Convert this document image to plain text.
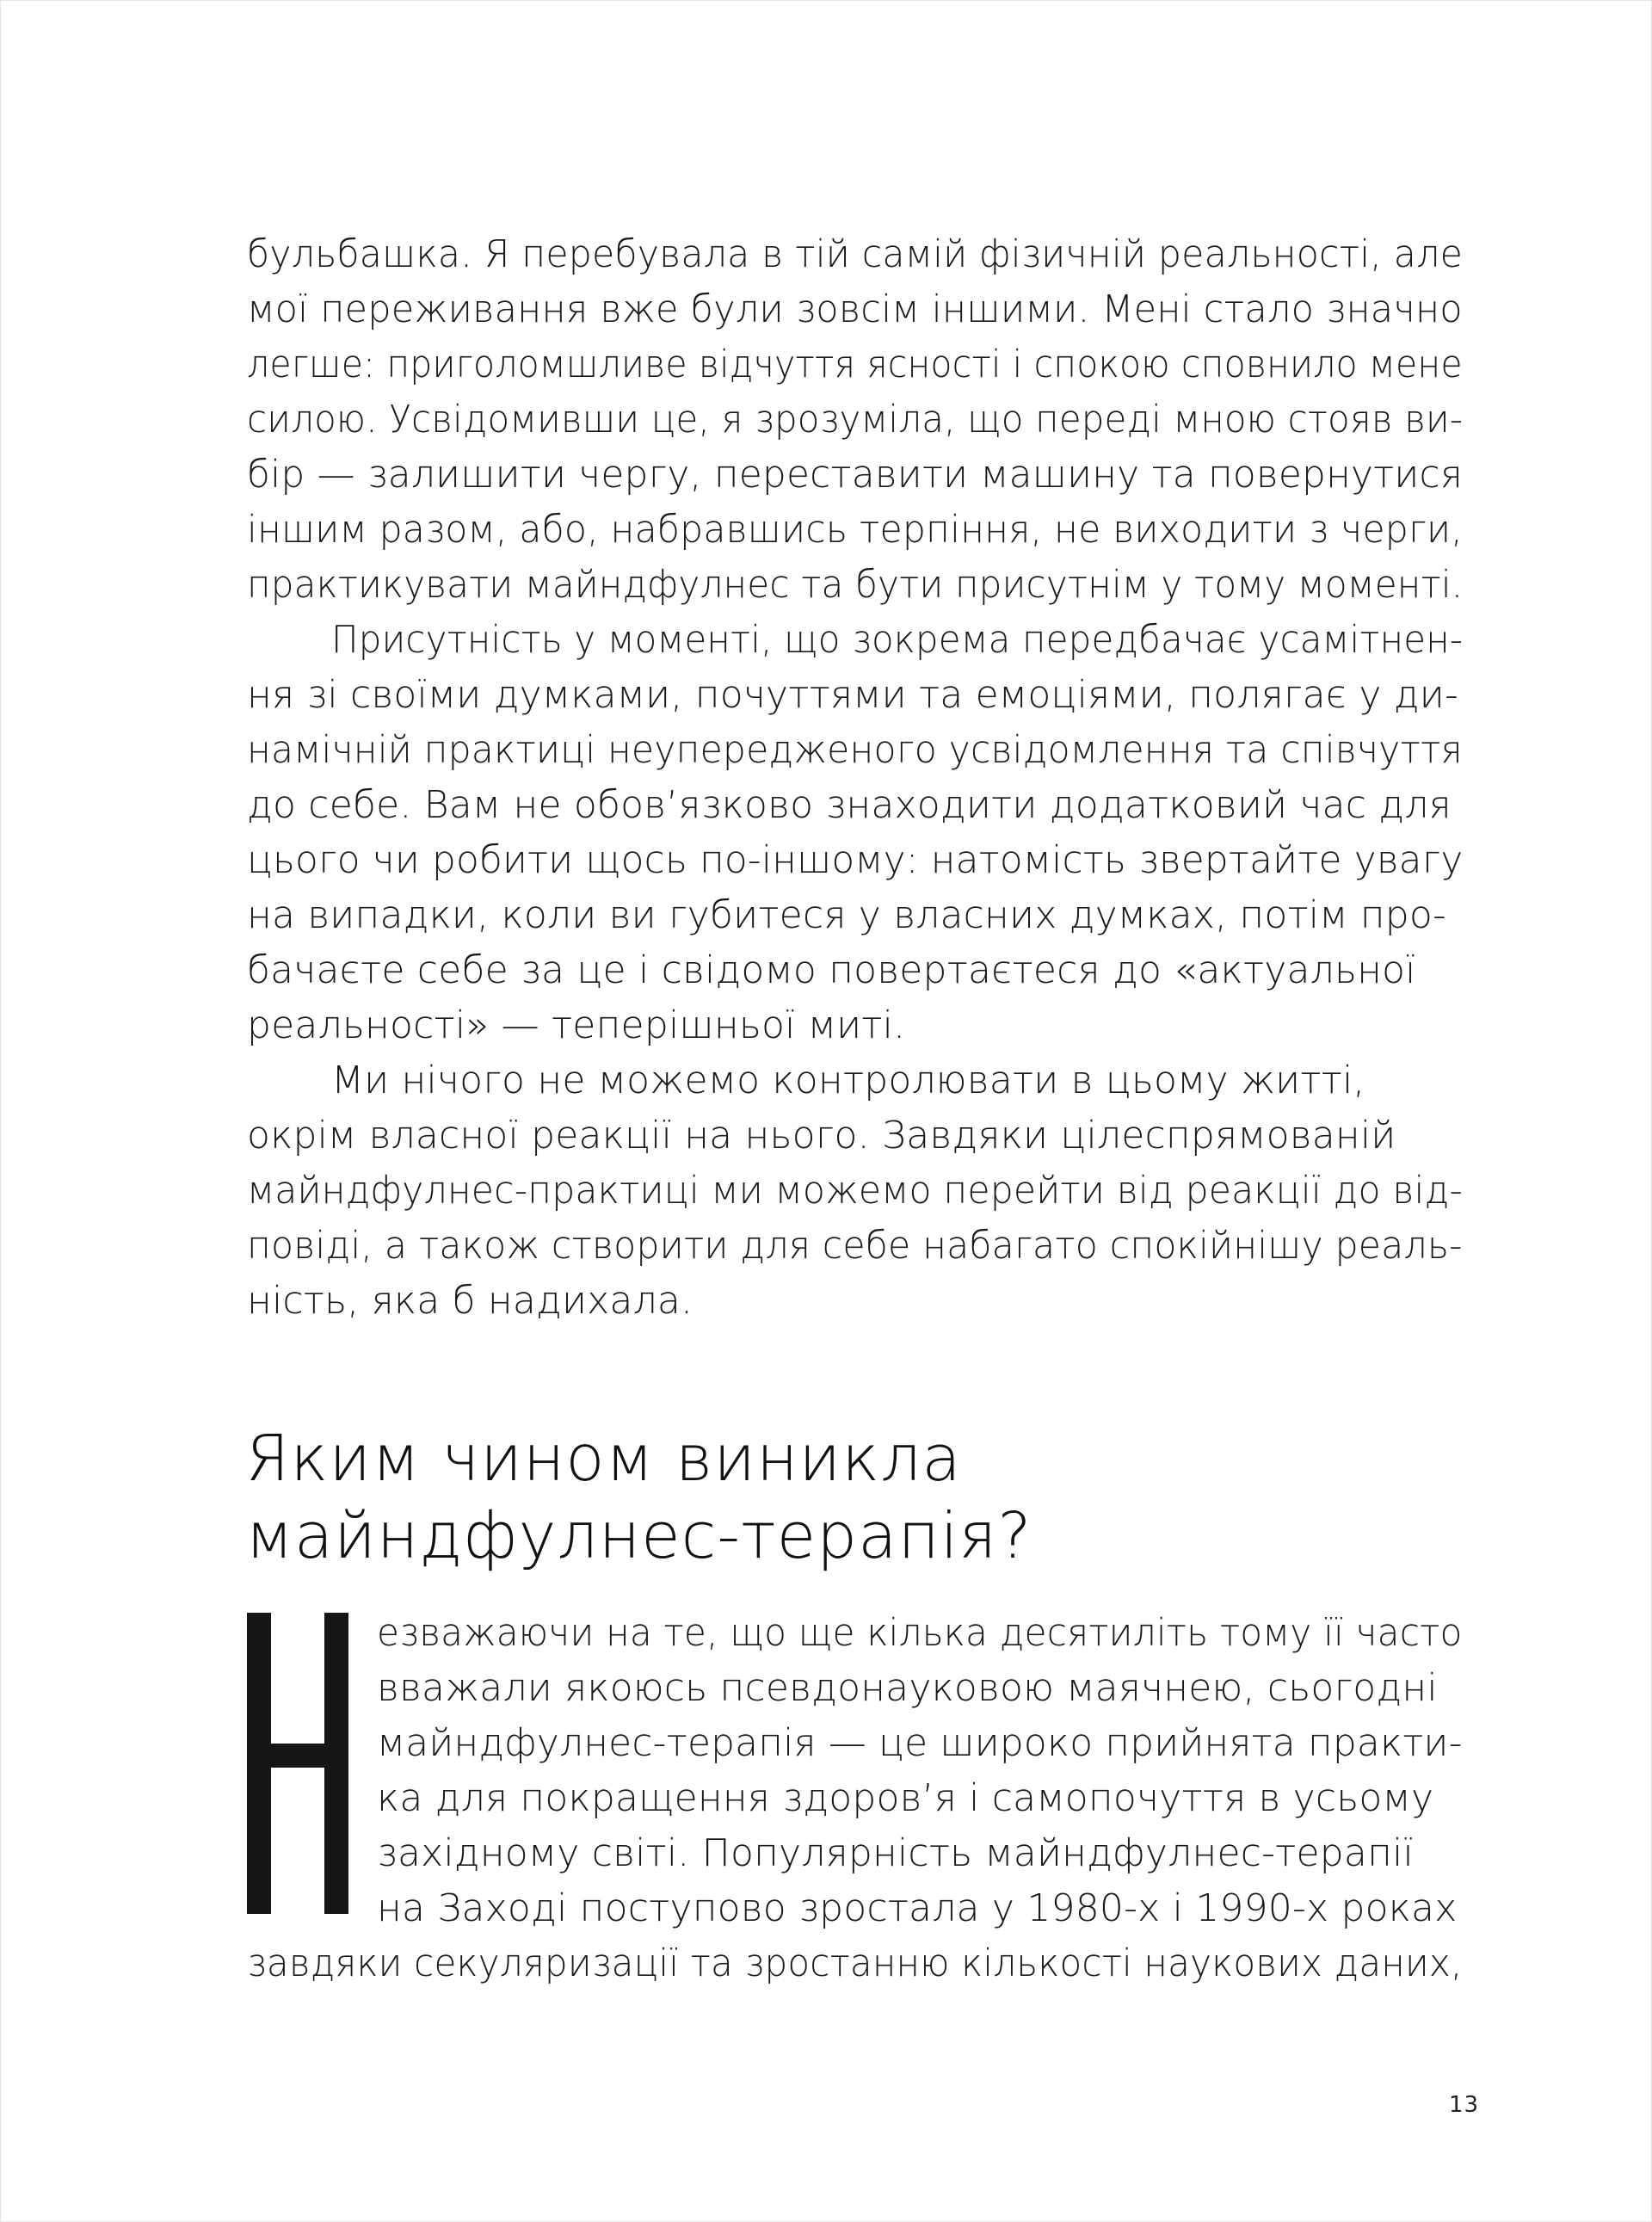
бульбашка. Я перебувала в тій самій фізичній реальності, але
мої переживання вже були зовсім іншими. Мені стало значно
легше: приголомшливе відчуття ясності і спокою сповнило мене
силою. Усвідомивши це, я зрозуміла, що переді мною стояв ви-
бір — залишити чергу, переставити машину та повернутися
іншим разом, або, набравшись терпіння, не виходити з черги,
практикувати майндфулнес та бути присутнім у тому моменті.
Присутність у моменті, що зокрема передбачає усамітнен-
ня зі своїми думками, почуттями та емоціями, полягає у ди-
намічній практиці неупередженого усвідомлення та співчуття
до себе. Вам не обов’язково знаходити додатковий час для
цього чи робити щось по-іншому: натомість звертайте увагу
на випадки, коли ви губитеся у власних думках, потім про-
бачаєте себе за це і свідомо повертаєтеся до «актуальної
реальності» — теперішньої миті.
Ми нічого не можемо контролювати в цьому житті,
окрім власної реакції на нього. Завдяки цілеспрямованій
майндфулнес-практиці ми можемо перейти від реакції до від-
повіді, а також створити для себе набагато спокійнішу реаль-
ність, яка б надихала.
Яким чином виникла
майндфулнес-терапія?
езважаючи на те, що ще кілька десятиліть тому її часто
вважали якоюсь псевдонауковою маячнею, сьогодні
майндфулнес-терапія — це широко прийнята практи-
ка для покращення здоров’я і самопочуття в усьому
західному світі. Популярність майндфулнес-терапії
на Заході поступово зростала у 1980-х і 1990-х роках
завдяки секуляризації та зростанню кількості наукових даних,
13
